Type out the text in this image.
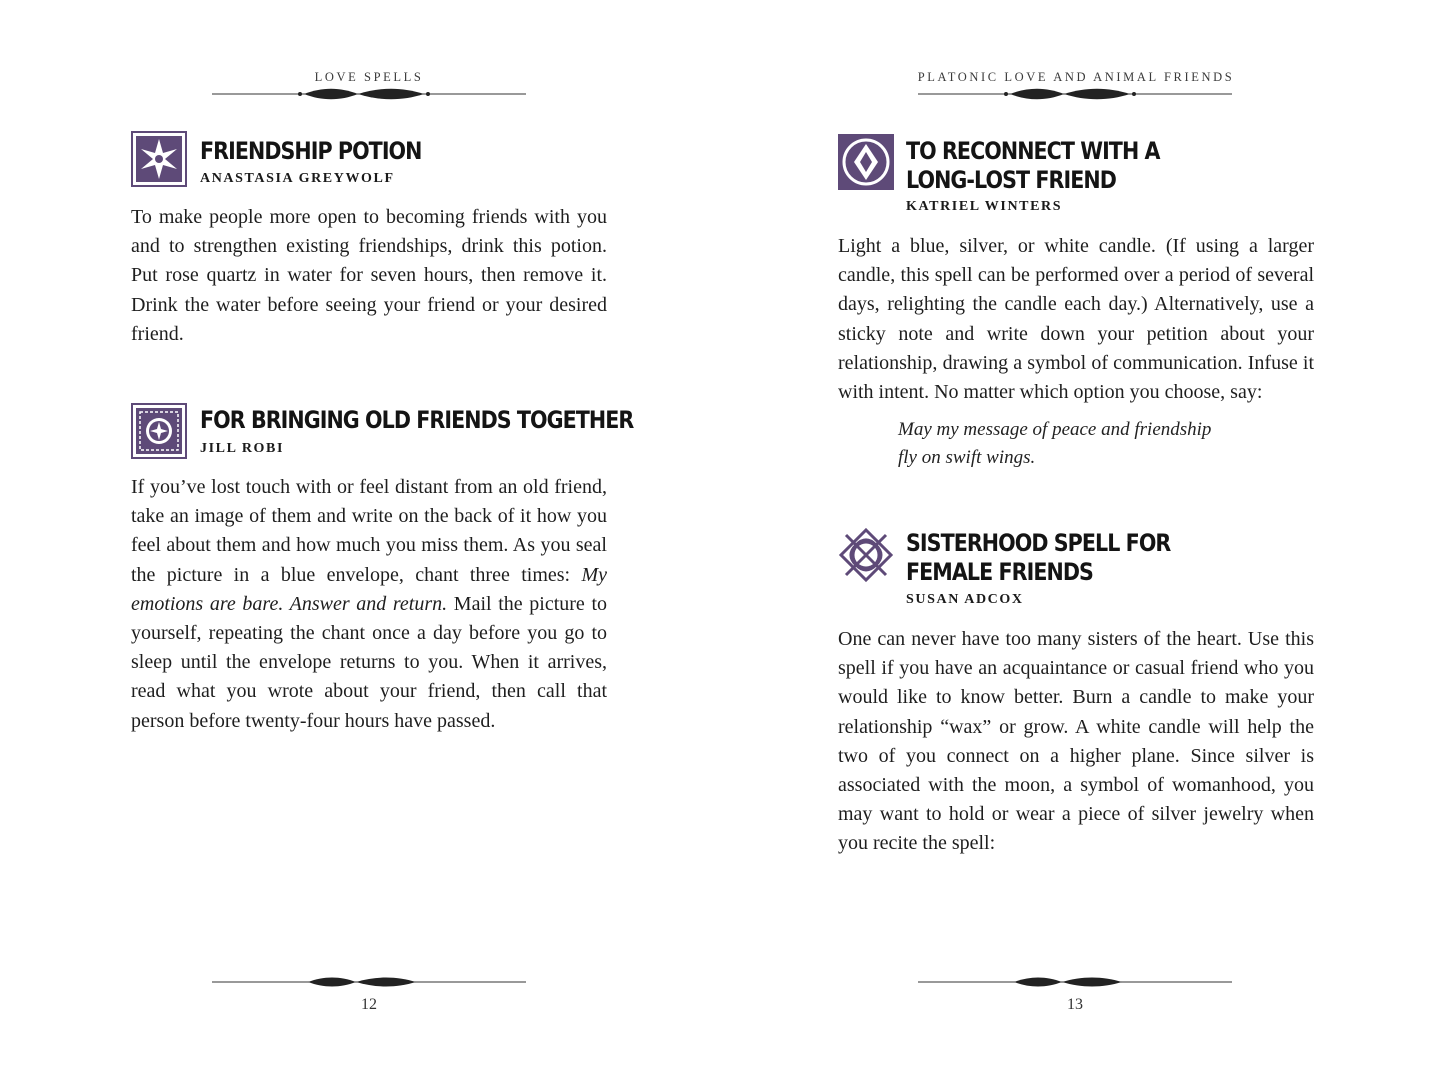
LOVE SPELLS
FRIENDSHIP POTION
ANASTASIA GREYWOLF

To make people more open to becoming friends with you and to strengthen existing friendships, drink this potion. Put rose quartz in water for seven hours, then remove it. Drink the water before seeing your friend or your desired friend.

FOR BRINGING OLD FRIENDS TOGETHER
JILL ROBI

If you’ve lost touch with or feel distant from an old friend, take an image of them and write on the back of it how you feel about them and how much you miss them. As you seal the picture in a blue envelope, chant three times: My emotions are bare. Answer and return. Mail the picture to yourself, repeating the chant once a day before you go to sleep until the envelope returns to you. When it arrives, read what you wrote about your friend, then call that person before twenty-four hours have passed.

12
PLATONIC LOVE AND ANIMAL FRIENDS
TO RECONNECT WITH A
LONG-LOST FRIEND
KATRIEL WINTERS

Light a blue, silver, or white candle. (If using a larger candle, this spell can be performed over a period of several days, relighting the candle each day.) Alternatively, use a sticky note and write down your petition about your relationship, drawing a symbol of communication. Infuse it with intent. No matter which option you choose, say:

May my message of peace and friendship
fly on swift wings.
SISTERHOOD SPELL FOR
FEMALE FRIENDS
SUSAN ADCOX

One can never have too many sisters of the heart. Use this spell if you have an acquaintance or casual friend who you would like to know better. Burn a candle to make your relationship “wax” or grow. A white candle will help the two of you connect on a higher plane. Since silver is associated with the moon, a symbol of womanhood, you may want to hold or wear a piece of silver jewelry when you recite the spell:

13
